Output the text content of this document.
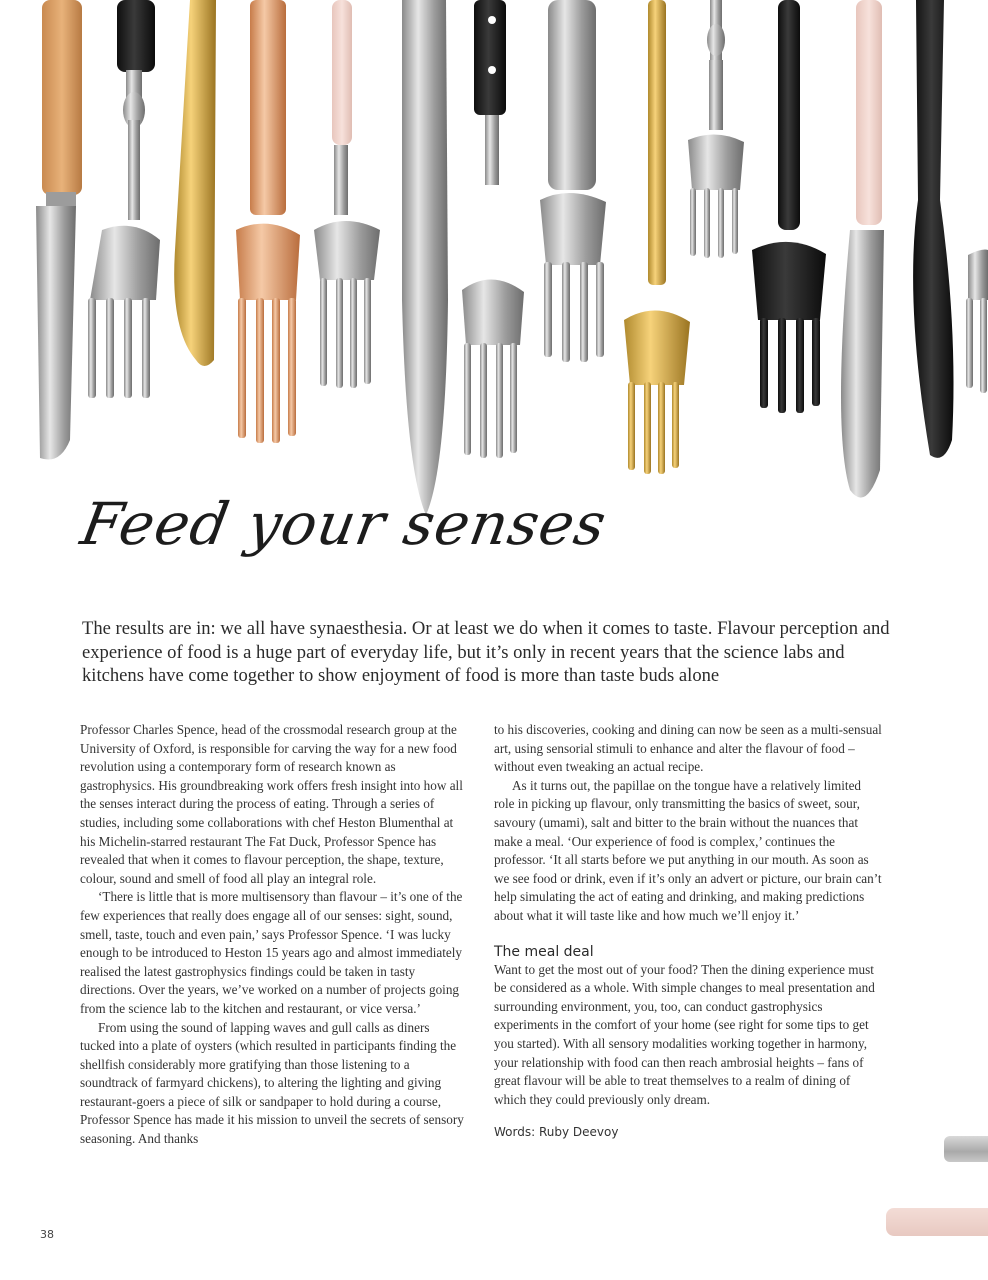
Feed your senses

The results are in: we all have synaesthesia. Or at least we do when it comes to taste. Flavour perception and experience of food is a huge part of everyday life, but it’s only in recent years that the science labs and kitchens have come together to show enjoyment of food is more than taste buds alone

Professor Charles Spence, head of the crossmodal research group at the University of Oxford, is responsible for carving the way for a new food revolution using a contemporary form of research known as gastrophysics. His groundbreaking work offers fresh insight into how all the senses interact during the process of eating. Through a series of studies, including some collaborations with chef Heston Blumenthal at his Michelin-starred restaurant The Fat Duck, Professor Spence has revealed that when it comes to flavour perception, the shape, texture, colour, sound and smell of food all play an integral role.

‘There is little that is more multisensory than flavour – it’s one of the few experiences that really does engage all of our senses: sight, sound, smell, taste, touch and even pain,’ says Professor Spence. ‘I was lucky enough to be introduced to Heston 15 years ago and almost immediately realised the latest gastrophysics findings could be taken in tasty directions. Over the years, we’ve worked on a number of projects going from the science lab to the kitchen and restaurant, or vice versa.’

From using the sound of lapping waves and gull calls as diners tucked into a plate of oysters (which resulted in participants finding the shellfish considerably more gratifying than those listening to a soundtrack of farmyard chickens), to altering the lighting and giving restaurant-goers a piece of silk or sandpaper to hold during a course, Professor Spence has made it his mission to unveil the secrets of sensory seasoning. And thanks

to his discoveries, cooking and dining can now be seen as a multi-sensual art, using sensorial stimuli to enhance and alter the flavour of food – without even tweaking an actual recipe.

As it turns out, the papillae on the tongue have a relatively limited role in picking up flavour, only transmitting the basics of sweet, sour, savoury (umami), salt and bitter to the brain without the nuances that make a meal. ‘Our experience of food is complex,’ continues the professor. ‘It all starts before we put anything in our mouth. As soon as we see food or drink, even if it’s only an advert or picture, our brain can’t help simulating the act of eating and drinking, and making predictions about what it will taste like and how much we’ll enjoy it.’

The meal deal

Want to get the most out of your food? Then the dining experience must be considered as a whole. With simple changes to meal presentation and surrounding environment, you, too, can conduct gastrophysics experiments in the comfort of your home (see right for some tips to get you started). With all sensory modalities working together in harmony, your relationship with food can then reach ambrosial heights – fans of great flavour will be able to treat themselves to a realm of dining of which they could previously only dream.

Words: Ruby Deevoy

38
